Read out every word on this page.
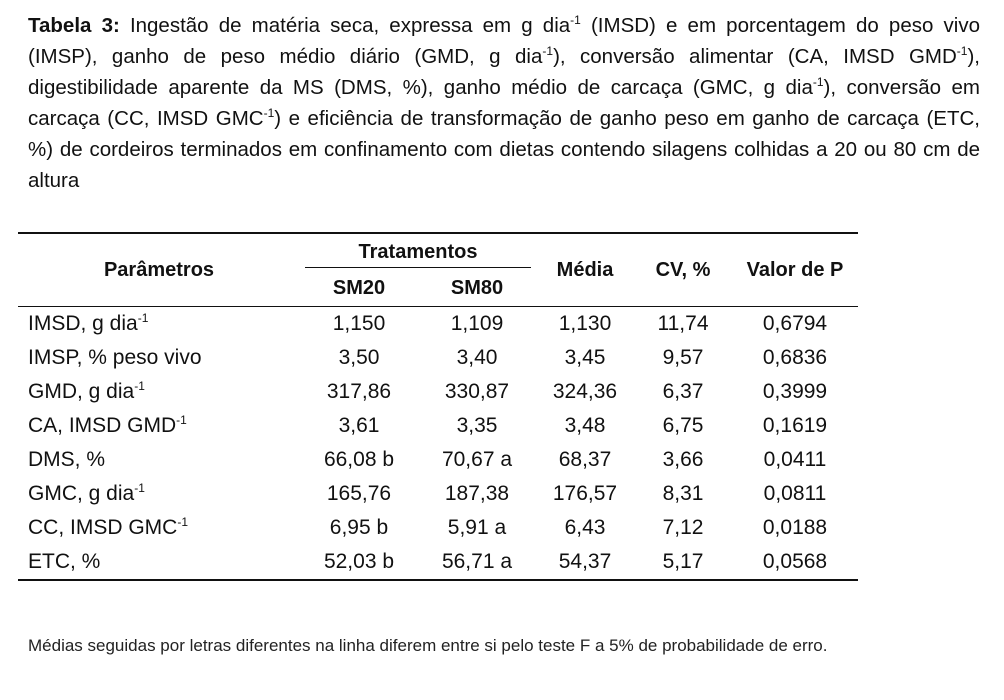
Tabela 3: Ingestão de matéria seca, expressa em g dia$^{-1}$ (IMSD) e em porcentagem do peso vivo (IMSP), ganho de peso médio diário (GMD, g dia$^{-1}$), conversão alimentar (CA, IMSD $GMD^{-1}$), digestibilidade aparente da MS (DMS, %), ganho médio de carcaça (GMC, g dia$^{-1}$), conversão em carcaça (CC, IMSD $GMC^{-1}$) e eficiência de transformação de ganho peso em ganho de carcaça (ETC, %) de cordeiros terminados em confinamento com dietas contendo silagens colhidas a 20 ou 80 cm de altura

Parâmetros	Tratamentos		Média	CV, %	Valor de P
	SM20	SM80			
IMSD, g dia$^{-1}$	1,150	1,109	1,130	11,74	0,6794
IMSP, % peso vivo	3,50	3,40	3,45	9,57	0,6836
GMD, g dia$^{-1}$	317,86	330,87	324,36	6,37	0,3999
CA, IMSD $GMD^{-1}$	3,61	3,35	3,48	6,75	0,1619
DMS, %	66,08 b	70,67 a	68,37	3,66	0,0411
GMC, g dia$^{-1}$	165,76	187,38	176,57	8,31	0,0811
CC, IMSD $GMC^{-1}$	6,95 b	5,91 a	6,43	7,12	0,0188
ETC, %	52,03 b	56,71 a	54,37	5,17	0,0568
Médias seguidas por letras diferentes na linha diferem entre si pelo teste F a 5% de probabilidade de erro.
